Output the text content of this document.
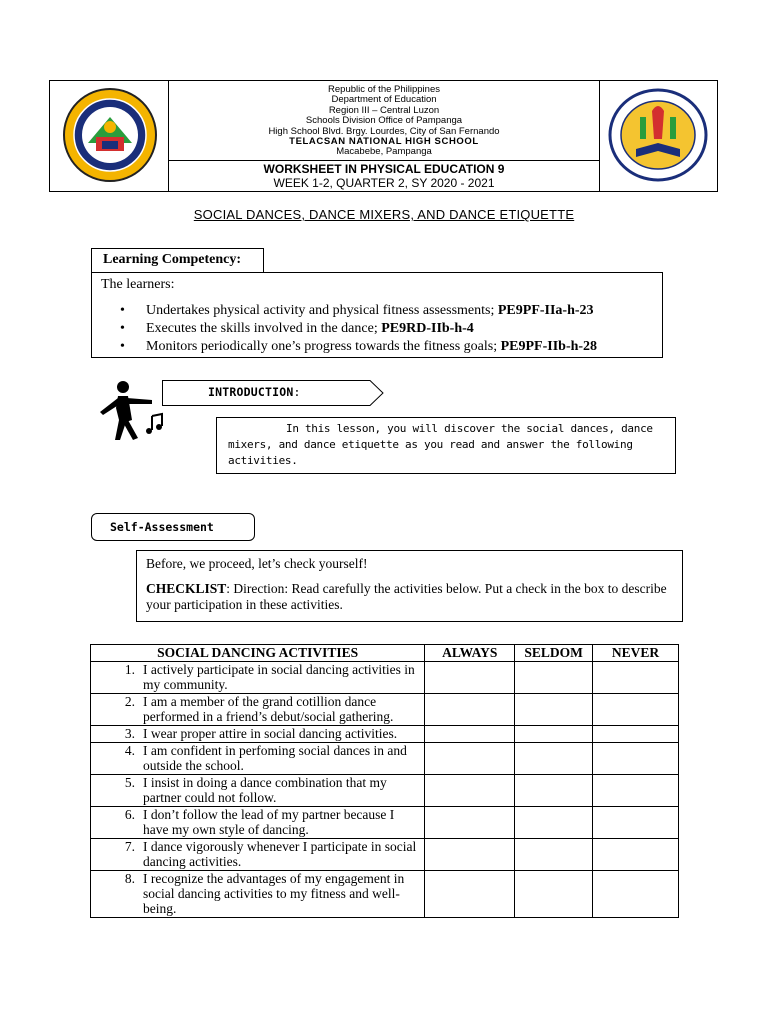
Republic of the Philippines
Department of Education
Region III – Central Luzon
Schools Division Office of Pampanga
High School Blvd. Brgy. Lourdes, City of San Fernando
TELACSAN NATIONAL HIGH SCHOOL
Macabebe, Pampanga
WORKSHEET IN PHYSICAL EDUCATION 9
WEEK 1-2, QUARTER 2, SY 2020 - 2021
SOCIAL DANCES, DANCE MIXERS, AND DANCE ETIQUETTE
Learning Competency:
The learners:
• Undertakes physical activity and physical fitness assessments; PE9PF-IIa-h-23
• Executes the skills involved in the dance; PE9RD-IIb-h-4
• Monitors periodically one’s progress towards the fitness goals; PE9PF-IIb-h-28
INTRODUCTION:
In this lesson, you will discover the social dances, dance mixers, and dance etiquette as you read and answer the following activities.
Self-Assessment
Before, we proceed, let’s check yourself!
CHECKLIST: Direction: Read carefully the activities below. Put a check in the box to describe your participation in these activities.
SOCIAL DANCING ACTIVITIES	ALWAYS	SELDOM	NEVER

1. I actively participate in social dancing activities in my community.			

2. I am a member of the grand cotillion dance performed in a friend’s debut/social gathering.			

3. I wear proper attire in social dancing activities.			

4. I am confident in perfoming social dances in and outside the school.			

5. I insist in doing a dance combination that my partner could not follow.			

6. I don’t follow the lead of my partner because I have my own style of dancing.			

7. I dance vigorously whenever I participate in social dancing activities.			

8. I recognize the advantages of my engagement in social dancing activities to my fitness and well-being.			
